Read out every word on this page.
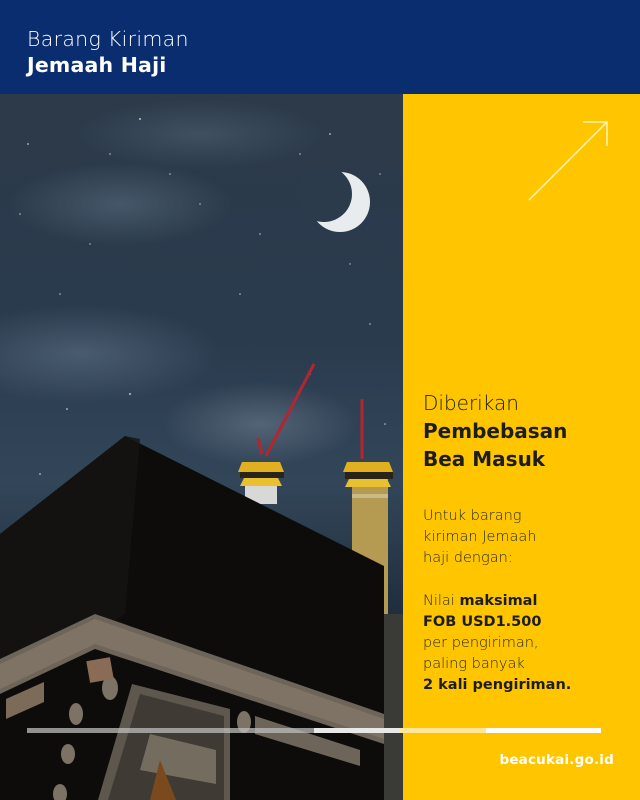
Barang Kiriman
Jemaah Haji
Diberikan
Pembebasan
Bea Masuk
Untuk barang
kiriman Jemaah
haji dengan:
Nilai maksimal
FOB USD1.500
per pengiriman,
paling banyak
2 kali pengiriman.
beacukai.go.id
